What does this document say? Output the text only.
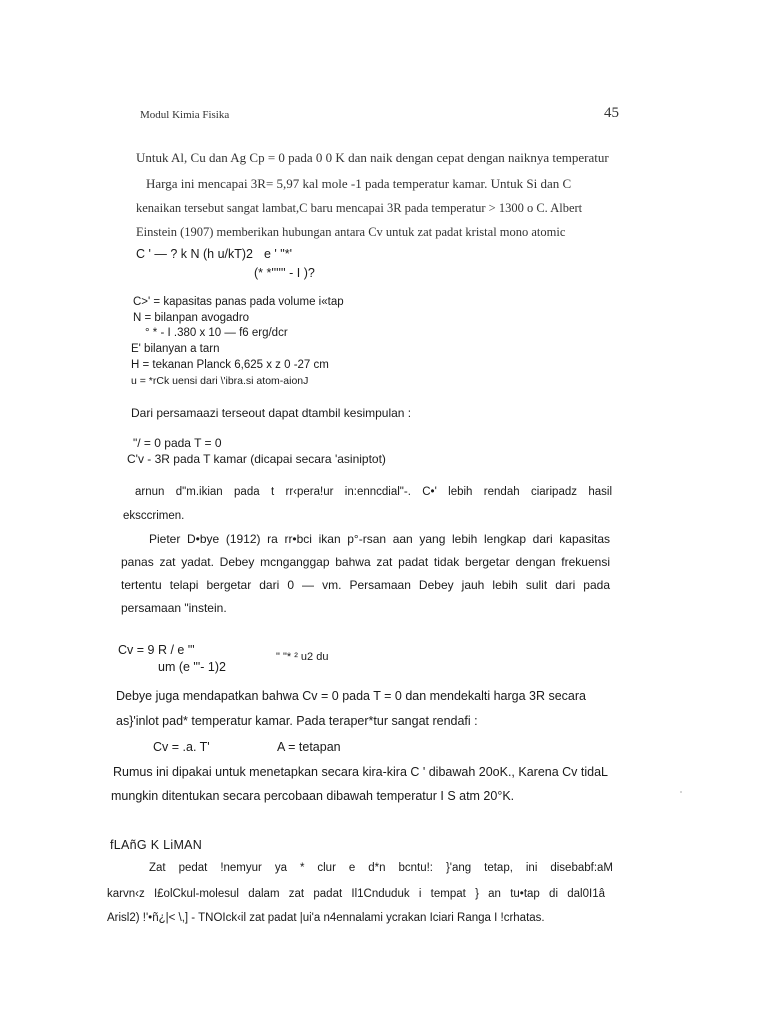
Modul Kimia Fisika	45
Untuk Al, Cu dan Ag Cp = 0 pada 0 0 K dan naik dengan cepat dengan naiknya temperatur
Harga ini mencapai 3R= 5,97 kal mole -1 pada temperatur kamar. Untuk Si dan C
kenaikan tersebut sangat lambat,C baru mencapai 3R pada temperatur > 1300 o C. Albert
Einstein (1907) memberikan hubungan antara Cv untuk zat padat kristal mono atomic
C ' — ? k N (h u/kT)2 e ' "*'
(* *'''''' - I )?
C>' = kapasitas panas pada volume i«tap
N = bilanpan avogadro
° * - I .380 x 10 — f6 erg/dcr
E' bilanyan a tarn
H = tekanan Planck 6,625 x z 0 -27 cm
u = *rCk uensi dari \'ibra.si atom-aionJ
Dari persamaazi terseout dapat dtambil kesimpulan :
"/ = 0 pada T = 0
C'v - 3R pada T kamar (dicapai secara 'asiniptot)
arnun d"m.ikian pada t rr‹pera!ur in:enncdial"-. C•' lebih rendah ciaripadz hasil
eksccrimen.
Pieter D•bye (1912) ra rr•bci ikan p°-rsan aan yang lebih lengkap dari kapasitas
panas zat yadat. Debey mcnganggap bahwa zat padat tidak bergetar dengan frekuensi
tertentu telapi bergetar dari 0 — vm. Persamaan Debey jauh lebih sulit dari pada
persamaan "instein.
Cv = 9 R / e "'	" "* ² u2 du
um (e "'- 1)2
Debye juga mendapatkan bahwa Cv = 0 pada T = 0 dan mendekalti harga 3R secara
as}'inlot pad* temperatur kamar. Pada teraper*tur sangat rendafi :
Cv = .a. T'	A = tetapan
Rumus ini dipakai untuk menetapkan secara kira-kira C ' dibawah 20oK., Karena Cv tidaL
mungkin ditentukan secara percobaan dibawah temperatur I S atm 20°K.
fLAñG K LiMAN
Zat pedat !nemyur ya * clur e d*n bcntu!: }'ang tetap, ini disebabf:aM
karvn‹z I£olCkul-molesul dalam zat padat Il1Cnduduk i tempat } an tu•tap di dal0I1â
Arisl2) !'•ñ¿|< \,] - TNOIck‹il zat padat |ui'a n4ennalami ycrakan Iciari Ranga I !crhatas.
